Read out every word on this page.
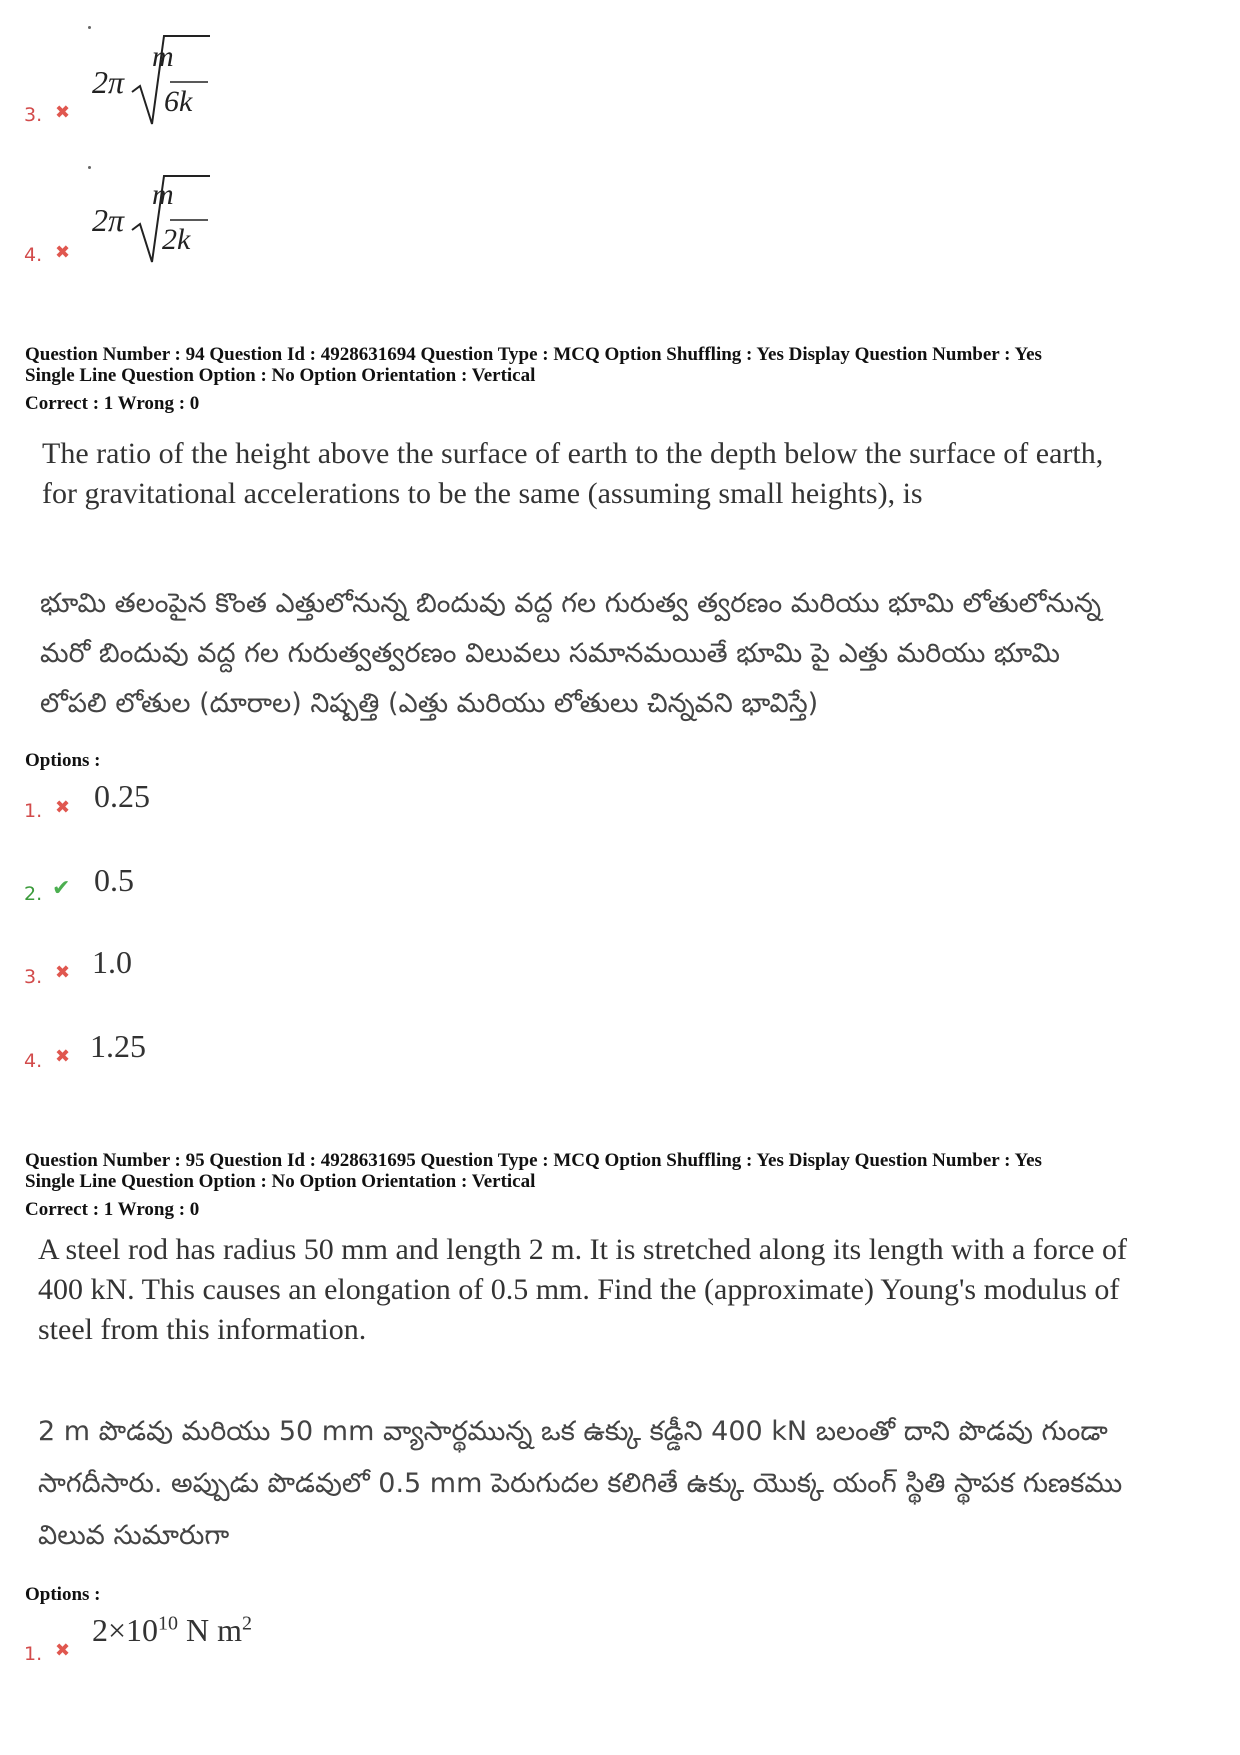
3. ✖
2π
m
6k
4. ✖
2π
m
2k
Question Number : 94 Question Id : 4928631694 Question Type : MCQ Option Shuffling : Yes Display Question Number : Yes
Single Line Question Option : No Option Orientation : Vertical
Correct : 1 Wrong : 0
The ratio of the height above the surface of earth to the depth below the surface of earth,
for gravitational accelerations to be the same (assuming small heights), is
భూమి తలంపైన కొంత ఎత్తులోనున్న బిందువు వద్ద గల గురుత్వ త్వరణం మరియు భూమి లోతులోనున్న
మరో బిందువు వద్ద గల గురుత్వత్వరణం విలువలు సమానమయితే భూమి పై ఎత్తు మరియు భూమి
లోపలి లోతుల (దూరాల) నిష్పత్తి (ఎత్తు మరియు లోతులు చిన్నవని భావిస్తే)
Options :
1. ✖ 0.25
2. ✔ 0.5
3. ✖ 1.0
4. ✖ 1.25
Question Number : 95 Question Id : 4928631695 Question Type : MCQ Option Shuffling : Yes Display Question Number : Yes
Single Line Question Option : No Option Orientation : Vertical
Correct : 1 Wrong : 0
A steel rod has radius 50 mm and length 2 m. It is stretched along its length with a force of
400 kN. This causes an elongation of 0.5 mm. Find the (approximate) Young's modulus of
steel from this information.
2 m పొడవు మరియు 50 mm వ్యాసార్థమున్న ఒక ఉక్కు కడ్డీని 400 kN బలంతో దాని పొడవు గుండా
సాగదీసారు. అప్పుడు పొడవులో 0.5 mm పెరుగుదల కలిగితే ఉక్కు యొక్క యంగ్ స్థితి స్థాపక గుణకము
విలువ సుమారుగా
Options :
1. ✖
$2\times 10^{10}$ N $m^2$
